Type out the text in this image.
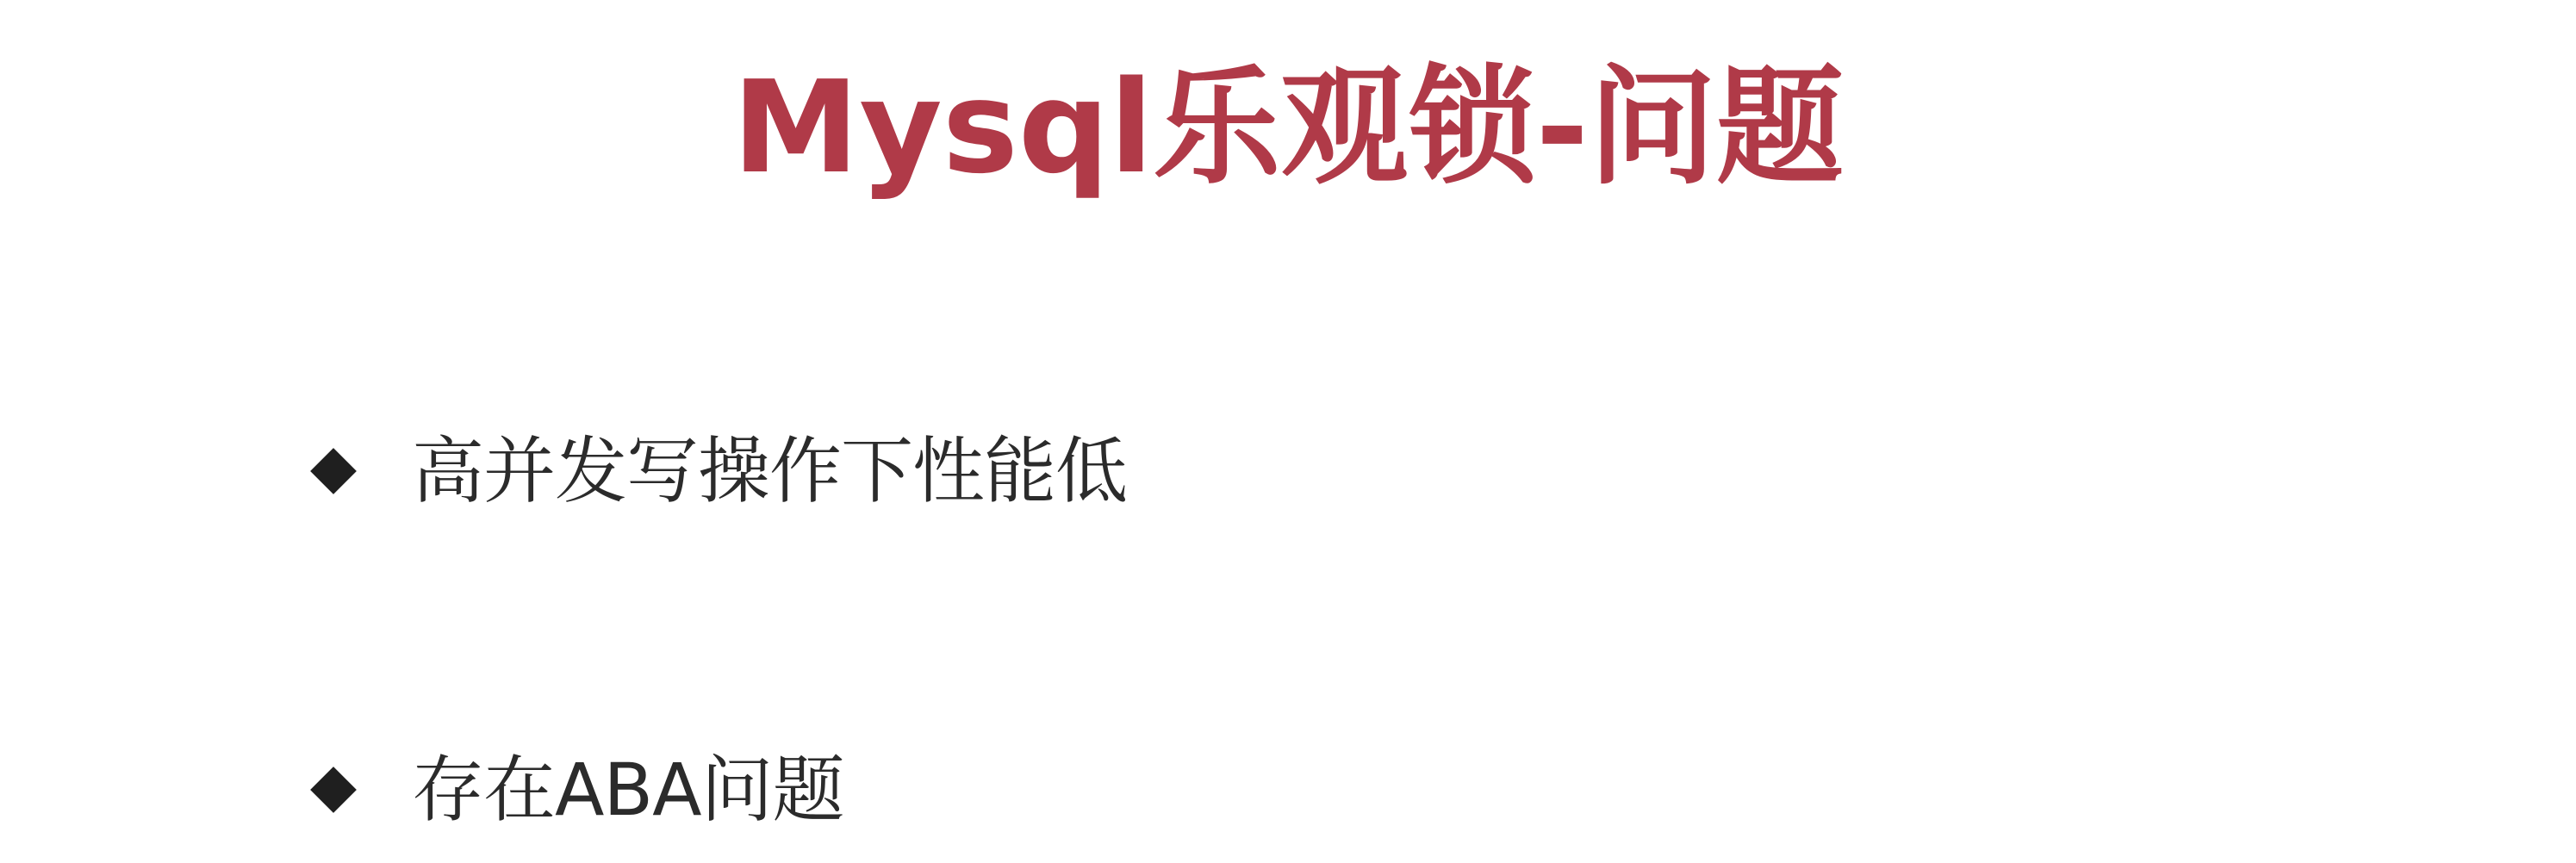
Mysql乐观锁-问题
高并发写操作下性能低
存在ABA问题
